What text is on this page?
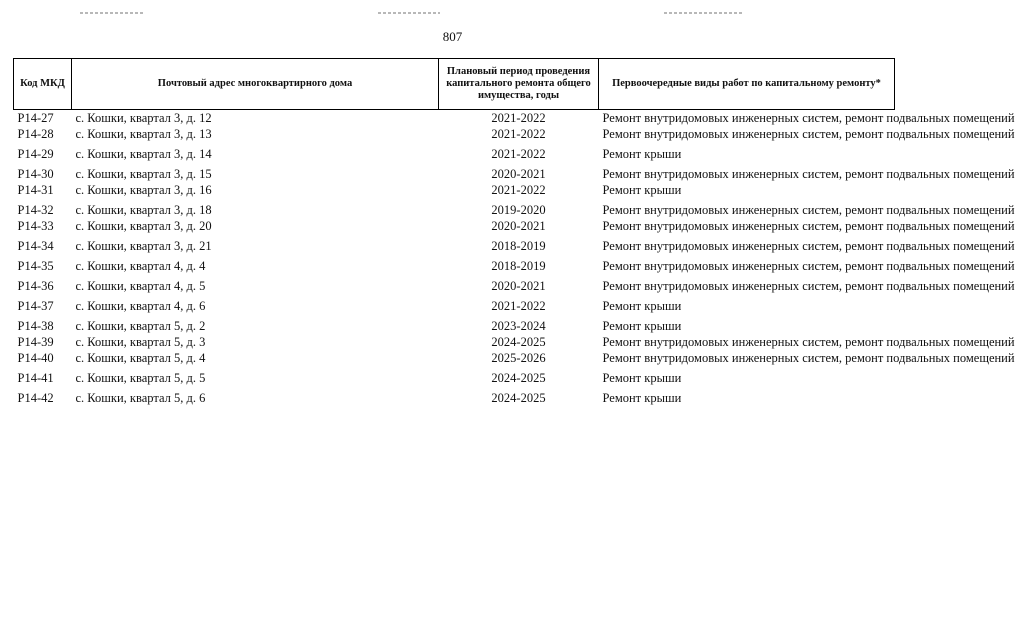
807
Код МКД	Почтовый адрес многоквартирного дома	Плановый период проведения капитального ремонта общего имущества, годы	Первоочередные виды работ по капитальному ремонту*
Р14-27	с. Кошки, квартал 3, д. 12	2021-2022	Ремонт внутридомовых инженерных систем, ремонт подвальных помещений
Р14-28	с. Кошки, квартал 3, д. 13	2021-2022	Ремонт внутридомовых инженерных систем, ремонт подвальных помещений
Р14-29	с. Кошки, квартал 3, д. 14	2021-2022	Ремонт крыши
Р14-30	с. Кошки, квартал 3, д. 15	2020-2021	Ремонт внутридомовых инженерных систем, ремонт подвальных помещений
Р14-31	с. Кошки, квартал 3, д. 16	2021-2022	Ремонт крыши
Р14-32	с. Кошки, квартал 3, д. 18	2019-2020	Ремонт внутридомовых инженерных систем, ремонт подвальных помещений
Р14-33	с. Кошки, квартал 3, д. 20	2020-2021	Ремонт внутридомовых инженерных систем, ремонт подвальных помещений
Р14-34	с. Кошки, квартал 3, д. 21	2018-2019	Ремонт внутридомовых инженерных систем, ремонт подвальных помещений
Р14-35	с. Кошки, квартал 4, д. 4	2018-2019	Ремонт внутридомовых инженерных систем, ремонт подвальных помещений
Р14-36	с. Кошки, квартал 4, д. 5	2020-2021	Ремонт внутридомовых инженерных систем, ремонт подвальных помещений
Р14-37	с. Кошки, квартал 4, д. 6	2021-2022	Ремонт крыши
Р14-38	с. Кошки, квартал 5, д. 2	2023-2024	Ремонт крыши
Р14-39	с. Кошки, квартал 5, д. 3	2024-2025	Ремонт внутридомовых инженерных систем, ремонт подвальных помещений
Р14-40	с. Кошки, квартал 5, д. 4	2025-2026	Ремонт внутридомовых инженерных систем, ремонт подвальных помещений
Р14-41	с. Кошки, квартал 5, д. 5	2024-2025	Ремонт крыши
Р14-42	с. Кошки, квартал 5, д. 6	2024-2025	Ремонт крыши
